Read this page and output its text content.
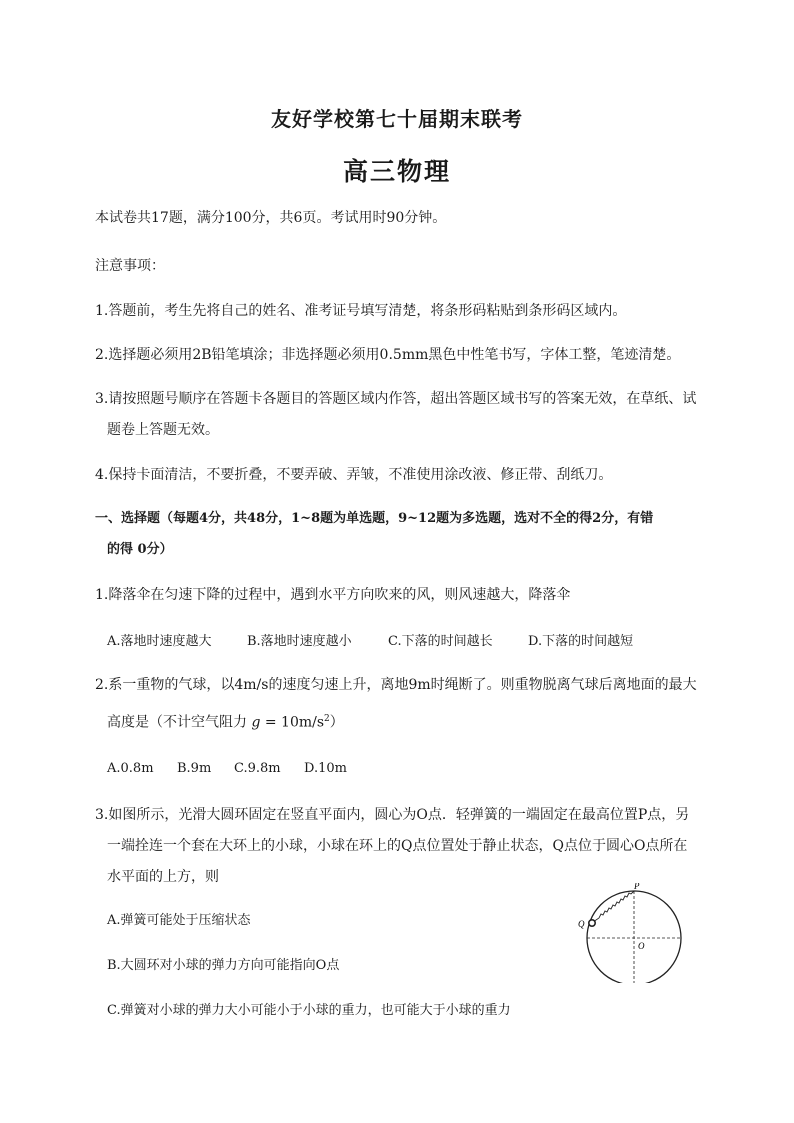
友好学校第七十届期末联考
高三物理
本试卷共17题，满分100分，共6页。考试用时90分钟。
注意事项：
1.答题前，考生先将自己的姓名、准考证号填写清楚，将条形码粘贴到条形码区域内。
2.选择题必须用2B铅笔填涂；非选择题必须用0.5mm黑色中性笔书写，字体工整，笔迹清楚。
3.请按照题号顺序在答题卡各题目的答题区域内作答，超出答题区域书写的答案无效，在草纸、试
题卷上答题无效。
4.保持卡面清洁，不要折叠，不要弄破、弄皱，不准使用涂改液、修正带、刮纸刀。
一、选择题（每题4分，共48分，1~8题为单选题，9~12题为多选题，选对不全的得2分，有错
的得 0分）
1.降落伞在匀速下降的过程中，遇到水平方向吹来的风，则风速越大，降落伞
A.落地时速度越大	B.落地时速度越小	C.下落的时间越长	D.下落的时间越短
2.系一重物的气球，以4m/s的速度匀速上升，离地9m时绳断了。则重物脱离气球后离地面的最大
高度是（不计空气阻力 $g = 10m/s^2$）
A.0.8m B.9m C.9.8m D.10m
3.如图所示，光滑大圆环固定在竖直平面内，圆心为O点．轻弹簧的一端固定在最高位置P点，另
一端拴连一个套在大环上的小球，小球在环上的Q点位置处于静止状态，Q点位于圆心O点所在
水平面的上方，则
A.弹簧可能处于压缩状态
B.大圆环对小球的弹力方向可能指向O点
C.弹簧对小球的弹力大小可能小于小球的重力，也可能大于小球的重力
P
Q
O
